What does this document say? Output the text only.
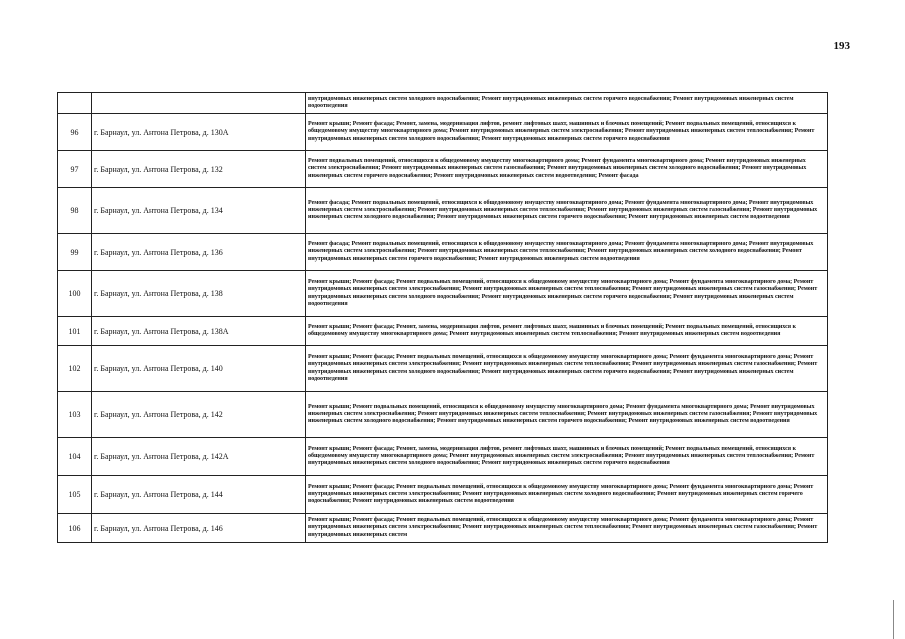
193
		внутридомовых инженерных систем холодного водоснабжения; Ремонт внутридомовых инженерных систем горячего водоснабжения; Ремонт внутридомовых инженерных систем водоотведения
96	г. Барнаул, ул. Антона Петрова, д. 130А	Ремонт крыши; Ремонт фасада; Ремонт, замена, модернизация лифтов, ремонт лифтовых шахт, машинных и блочных помещений; Ремонт подвальных помещений, относящихся к общедомовому имуществу многоквартирного дома; Ремонт внутридомовых инженерных систем электроснабжения; Ремонт внутридомовых инженерных систем теплоснабжения; Ремонт внутридомовых инженерных систем холодного водоснабжения; Ремонт внутридомовых инженерных систем горячего водоснабжения
97	г. Барнаул, ул. Антона Петрова, д. 132	Ремонт подвальных помещений, относящихся к общедомовому имуществу многоквартирного дома; Ремонт фундамента многоквартирного дома; Ремонт внутридомовых инженерных систем электроснабжения; Ремонт внутридомовых инженерных систем газоснабжения; Ремонт внутридомовых инженерных систем холодного водоснабжения; Ремонт внутридомовых инженерных систем горячего водоснабжения; Ремонт внутридомовых инженерных систем водоотведения; Ремонт фасада
98	г. Барнаул, ул. Антона Петрова, д. 134	Ремонт фасада; Ремонт подвальных помещений, относящихся к общедомовому имуществу многоквартирного дома; Ремонт фундамента многоквартирного дома; Ремонт внутридомовых инженерных систем электроснабжения; Ремонт внутридомовых инженерных систем теплоснабжения; Ремонт внутридомовых инженерных систем газоснабжения; Ремонт внутридомовых инженерных систем холодного водоснабжения; Ремонт внутридомовых инженерных систем горячего водоснабжения; Ремонт внутридомовых инженерных систем водоотведения
99	г. Барнаул, ул. Антона Петрова, д. 136	Ремонт фасада; Ремонт подвальных помещений, относящихся к общедомовому имуществу многоквартирного дома; Ремонт фундамента многоквартирного дома; Ремонт внутридомовых инженерных систем электроснабжения; Ремонт внутридомовых инженерных систем теплоснабжения; Ремонт внутридомовых инженерных систем холодного водоснабжения; Ремонт внутридомовых инженерных систем горячего водоснабжения; Ремонт внутридомовых инженерных систем водоотведения
100	г. Барнаул, ул. Антона Петрова, д. 138	Ремонт крыши; Ремонт фасада; Ремонт подвальных помещений, относящихся к общедомовому имуществу многоквартирного дома; Ремонт фундамента многоквартирного дома; Ремонт внутридомовых инженерных систем электроснабжения; Ремонт внутридомовых инженерных систем теплоснабжения; Ремонт внутридомовых инженерных систем газоснабжения; Ремонт внутридомовых инженерных систем холодного водоснабжения; Ремонт внутридомовых инженерных систем горячего водоснабжения; Ремонт внутридомовых инженерных систем водоотведения
101	г. Барнаул, ул. Антона Петрова, д. 138А	Ремонт крыши; Ремонт фасада; Ремонт, замена, модернизация лифтов, ремонт лифтовых шахт, машинных и блочных помещений; Ремонт подвальных помещений, относящихся к общедомовому имуществу многоквартирного дома; Ремонт внутридомовых инженерных систем теплоснабжения; Ремонт внутридомовых инженерных систем водоотведения
102	г. Барнаул, ул. Антона Петрова, д. 140	Ремонт крыши; Ремонт фасада; Ремонт подвальных помещений, относящихся к общедомовому имуществу многоквартирного дома; Ремонт фундамента многоквартирного дома; Ремонт внутридомовых инженерных систем электроснабжения; Ремонт внутридомовых инженерных систем теплоснабжения; Ремонт внутридомовых инженерных систем газоснабжения; Ремонт внутридомовых инженерных систем холодного водоснабжения; Ремонт внутридомовых инженерных систем горячего водоснабжения; Ремонт внутридомовых инженерных систем водоотведения
103	г. Барнаул, ул. Антона Петрова, д. 142	Ремонт крыши; Ремонт подвальных помещений, относящихся к общедомовому имуществу многоквартирного дома; Ремонт фундамента многоквартирного дома; Ремонт внутридомовых инженерных систем электроснабжения; Ремонт внутридомовых инженерных систем теплоснабжения; Ремонт внутридомовых инженерных систем газоснабжения; Ремонт внутридомовых инженерных систем холодного водоснабжения; Ремонт внутридомовых инженерных систем горячего водоснабжения; Ремонт внутридомовых инженерных систем водоотведения
104	г. Барнаул, ул. Антона Петрова, д. 142А	Ремонт крыши; Ремонт фасада; Ремонт, замена, модернизация лифтов, ремонт лифтовых шахт, машинных и блочных помещений; Ремонт подвальных помещений, относящихся к общедомовому имуществу многоквартирного дома; Ремонт внутридомовых инженерных систем электроснабжения; Ремонт внутридомовых инженерных систем теплоснабжения; Ремонт внутридомовых инженерных систем холодного водоснабжения; Ремонт внутридомовых инженерных систем горячего водоснабжения
105	г. Барнаул, ул. Антона Петрова, д. 144	Ремонт крыши; Ремонт фасада; Ремонт подвальных помещений, относящихся к общедомовому имуществу многоквартирного дома; Ремонт фундамента многоквартирного дома; Ремонт внутридомовых инженерных систем электроснабжения; Ремонт внутридомовых инженерных систем холодного водоснабжения; Ремонт внутридомовых инженерных систем горячего водоснабжения; Ремонт внутридомовых инженерных систем водоотведения
106	г. Барнаул, ул. Антона Петрова, д. 146	Ремонт крыши; Ремонт фасада; Ремонт подвальных помещений, относящихся к общедомовому имуществу многоквартирного дома; Ремонт фундамента многоквартирного дома; Ремонт внутридомовых инженерных систем электроснабжения; Ремонт внутридомовых инженерных систем теплоснабжения; Ремонт внутридомовых инженерных систем газоснабжения; Ремонт внутридомовых инженерных систем
